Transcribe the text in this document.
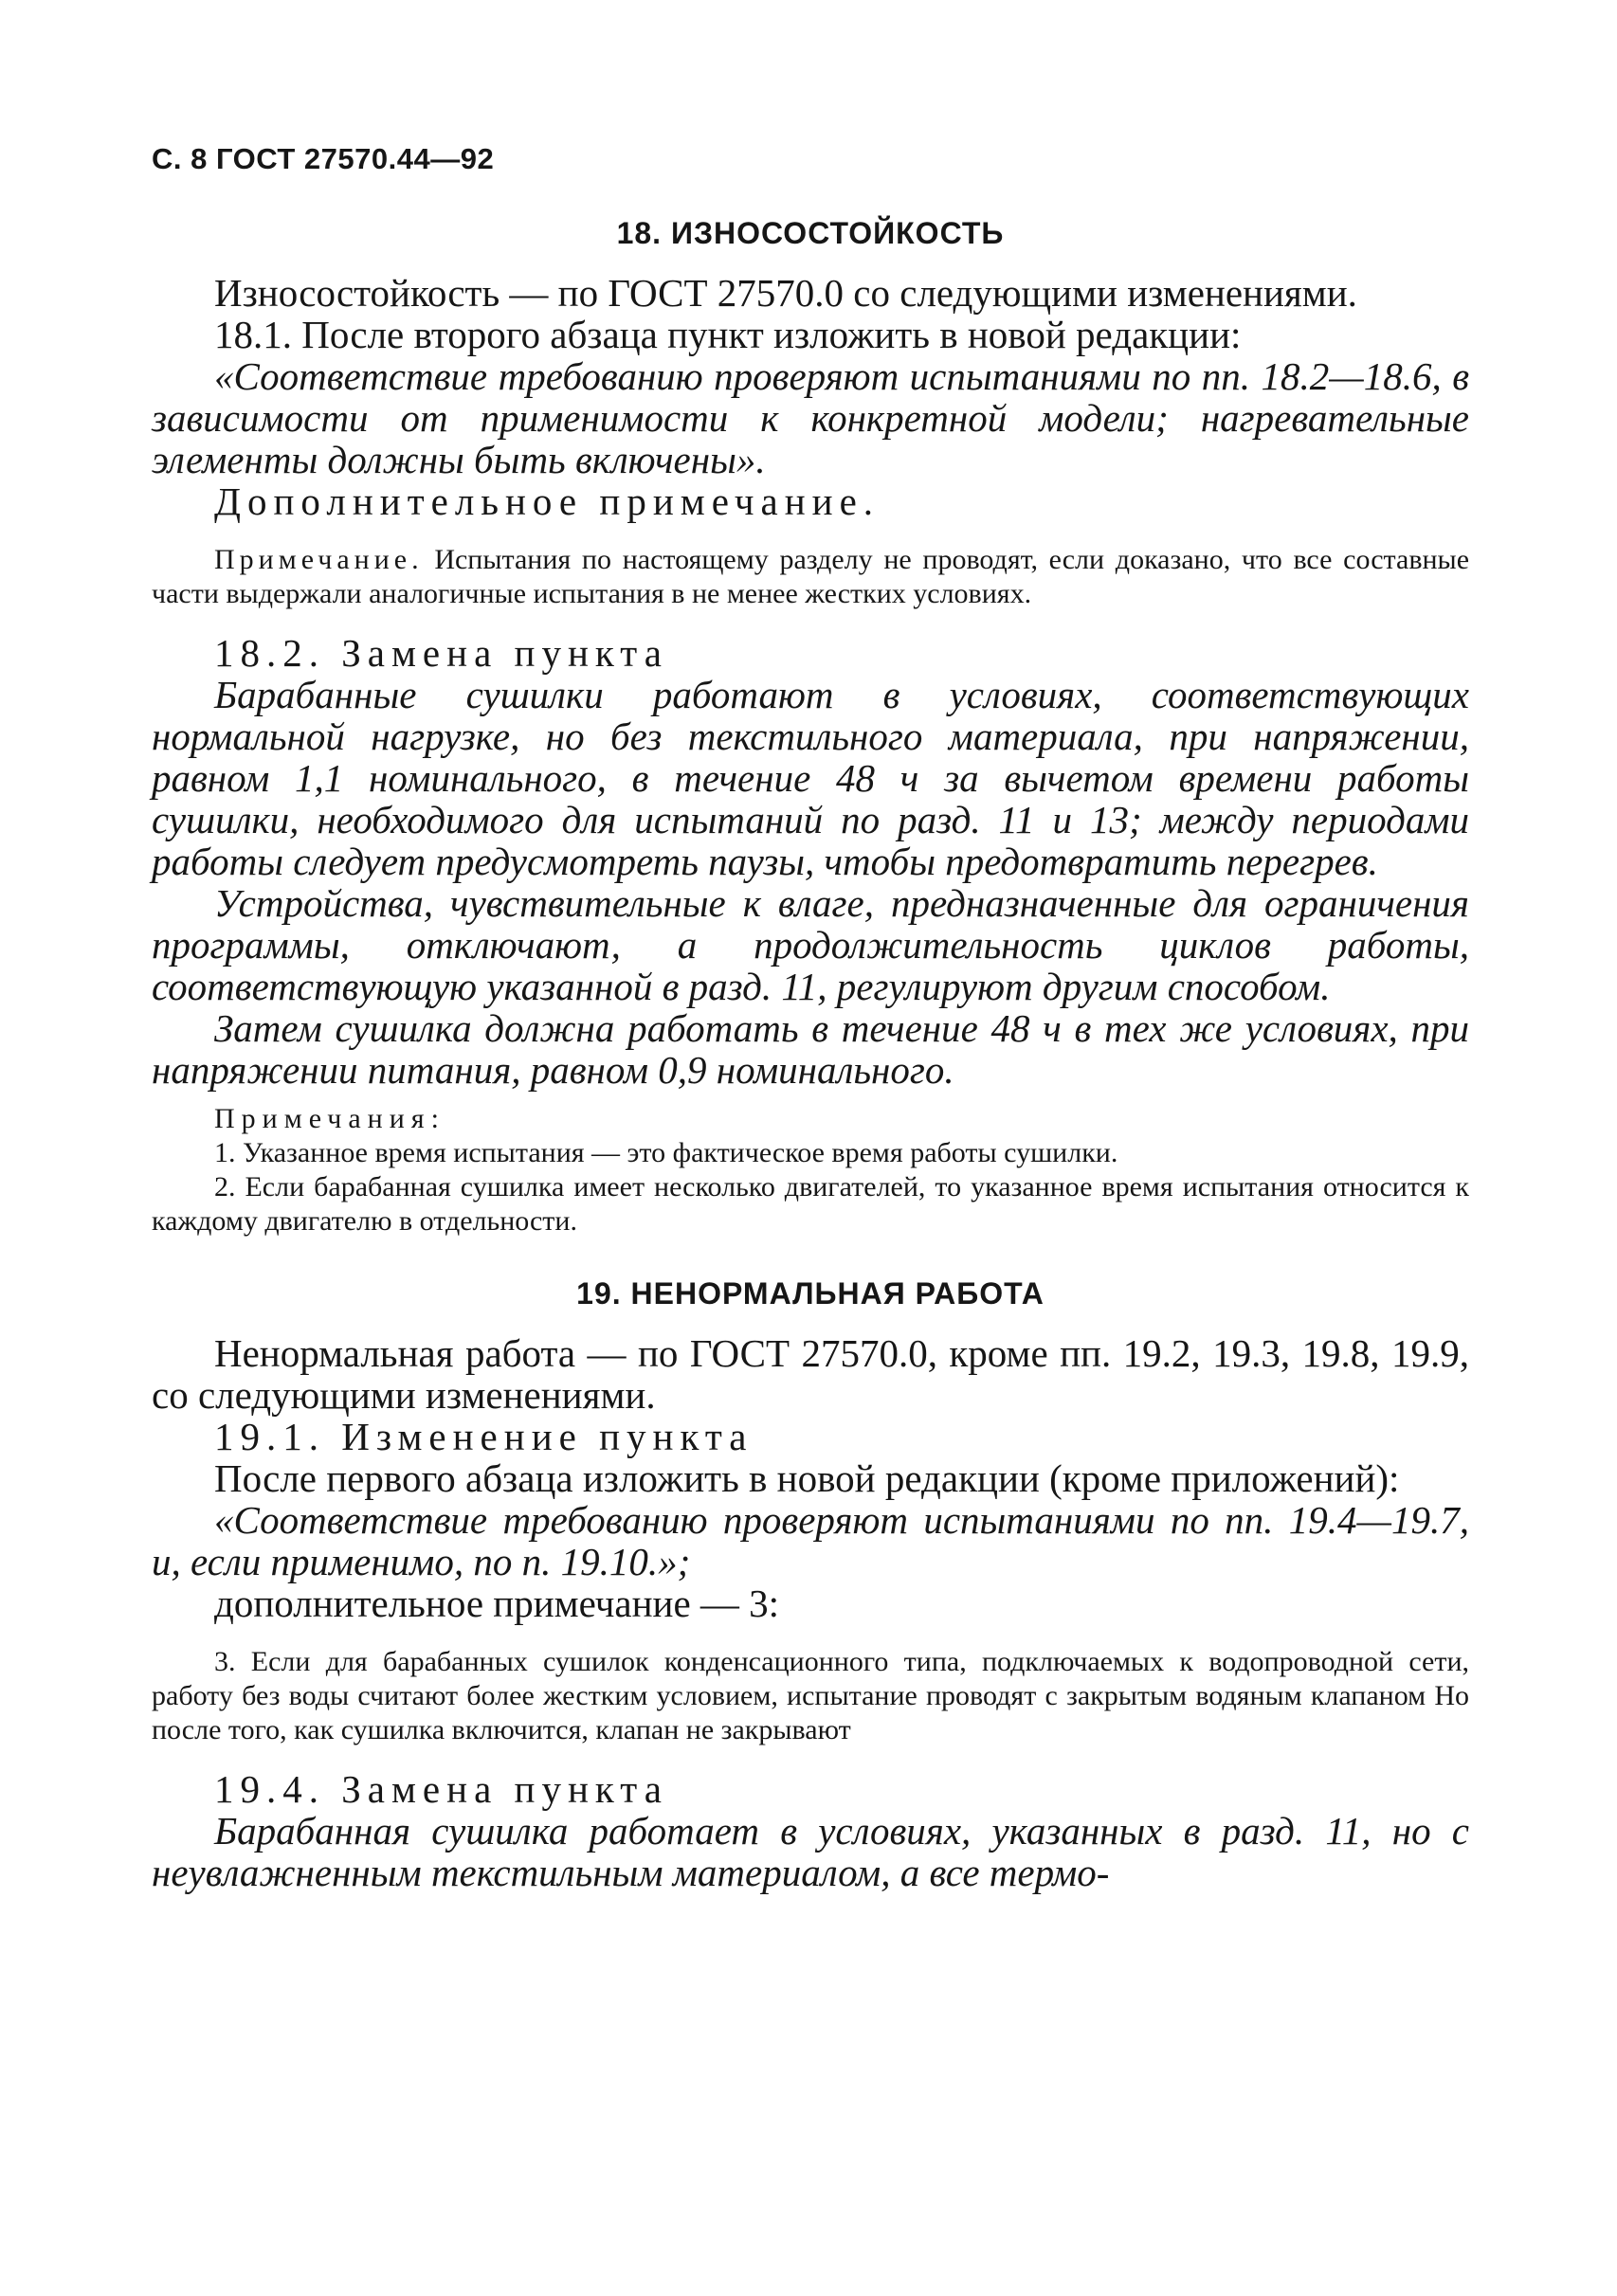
С. 8 ГОСТ 27570.44—92

18. ИЗНОСОСТОЙКОСТЬ

Износостойкость — по ГОСТ 27570.0 со следующими изменениями.

18.1. После второго абзаца пункт изложить в новой редакции:

«Соответствие требованию проверяют испытаниями по пп. 18.2—18.6, в зависимости от применимости к конкретной модели; нагревательные элементы должны быть включены».

Дополнительное примечание.

Примечание. Испытания по настоящему разделу не проводят, если доказано, что все составные части выдержали аналогичные испытания в не менее жестких условиях.

18.2. Замена пункта

Барабанные сушилки работают в условиях, соответствующих нормальной нагрузке, но без текстильного материала, при напряжении, равном 1,1 номинального, в течение 48 ч за вычетом времени работы сушилки, необходимого для испытаний по разд. 11 и 13; между периодами работы следует предусмотреть паузы, чтобы предотвратить перегрев.

Устройства, чувствительные к влаге, предназначенные для ограничения программы, отключают, а продолжительность циклов работы, соответствующую указанной в разд. 11, регулируют другим способом.

Затем сушилка должна работать в течение 48 ч в тех же условиях, при напряжении питания, равном 0,9 номинального.

Примечания:

1. Указанное время испытания — это фактическое время работы сушилки.

2. Если барабанная сушилка имеет несколько двигателей, то указанное время испытания относится к каждому двигателю в отдельности.

19. НЕНОРМАЛЬНАЯ РАБОТА

Ненормальная работа — по ГОСТ 27570.0, кроме пп. 19.2, 19.3, 19.8, 19.9, со следующими изменениями.

19.1. Изменение пункта

После первого абзаца изложить в новой редакции (кроме приложений):

«Соответствие требованию проверяют испытаниями по пп. 19.4—19.7, и, если применимо, по п. 19.10.»;

дополнительное примечание — 3:

3. Если для барабанных сушилок конденсационного типа, подключаемых к водопроводной сети, работу без воды считают более жестким условием, испытание проводят с закрытым водяным клапаном Но после того, как сушилка включится, клапан не закрывают

19.4. Замена пункта

Барабанная сушилка работает в условиях, указанных в разд. 11, но с неувлажненным текстильным материалом, а все термо-
